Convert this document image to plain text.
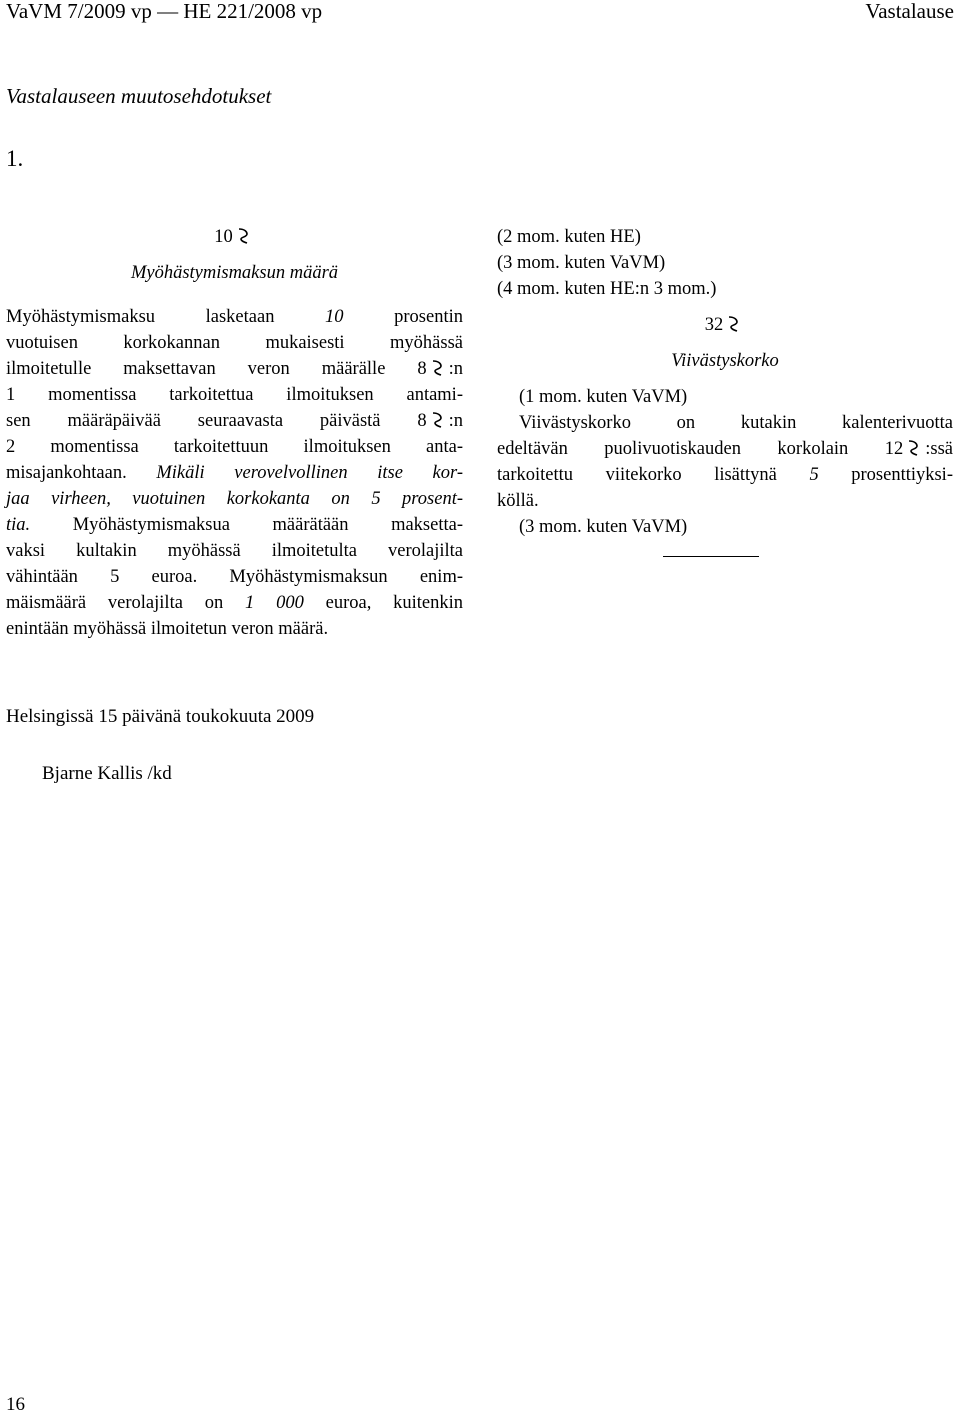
VaVM 7/2009 vp — HE 221/2008 vp	Vastalause
Vastalauseen muutosehdotukset
1.
10
Myöhästymismaksun määrä
Myöhästymismaksu lasketaan 10 prosentin
vuotuisen korkokannan mukaisesti myöhässä
ilmoitetulle maksettavan veron määrälle 8 :n
1 momentissa tarkoitettua ilmoituksen antami-
sen määräpäivää seuraavasta päivästä 8 :n
2 momentissa tarkoitettuun ilmoituksen anta-
misajankohtaan. Mikäli verovelvollinen itse kor-
jaa virheen, vuotuinen korkokanta on 5 prosent-
tia. Myöhästymismaksua määrätään maksetta-
vaksi kultakin myöhässä ilmoitetulta verolajilta
vähintään 5 euroa. Myöhästymismaksun enim-
mäismäärä verolajilta on 1 000 euroa, kuitenkin
enintään myöhässä ilmoitetun veron määrä.
(2 mom. kuten HE)
(3 mom. kuten VaVM)
(4 mom. kuten HE:n 3 mom.)
32
Viivästyskorko
(1 mom. kuten VaVM)
Viivästyskorko on kutakin kalenterivuotta
edeltävän puolivuotiskauden korkolain 12 :ssä
tarkoitettu viitekorko lisättynä 5 prosenttiyksi-
köllä.
(3 mom. kuten VaVM)
Helsingissä 15 päivänä toukokuuta 2009
Bjarne Kallis /kd
16
